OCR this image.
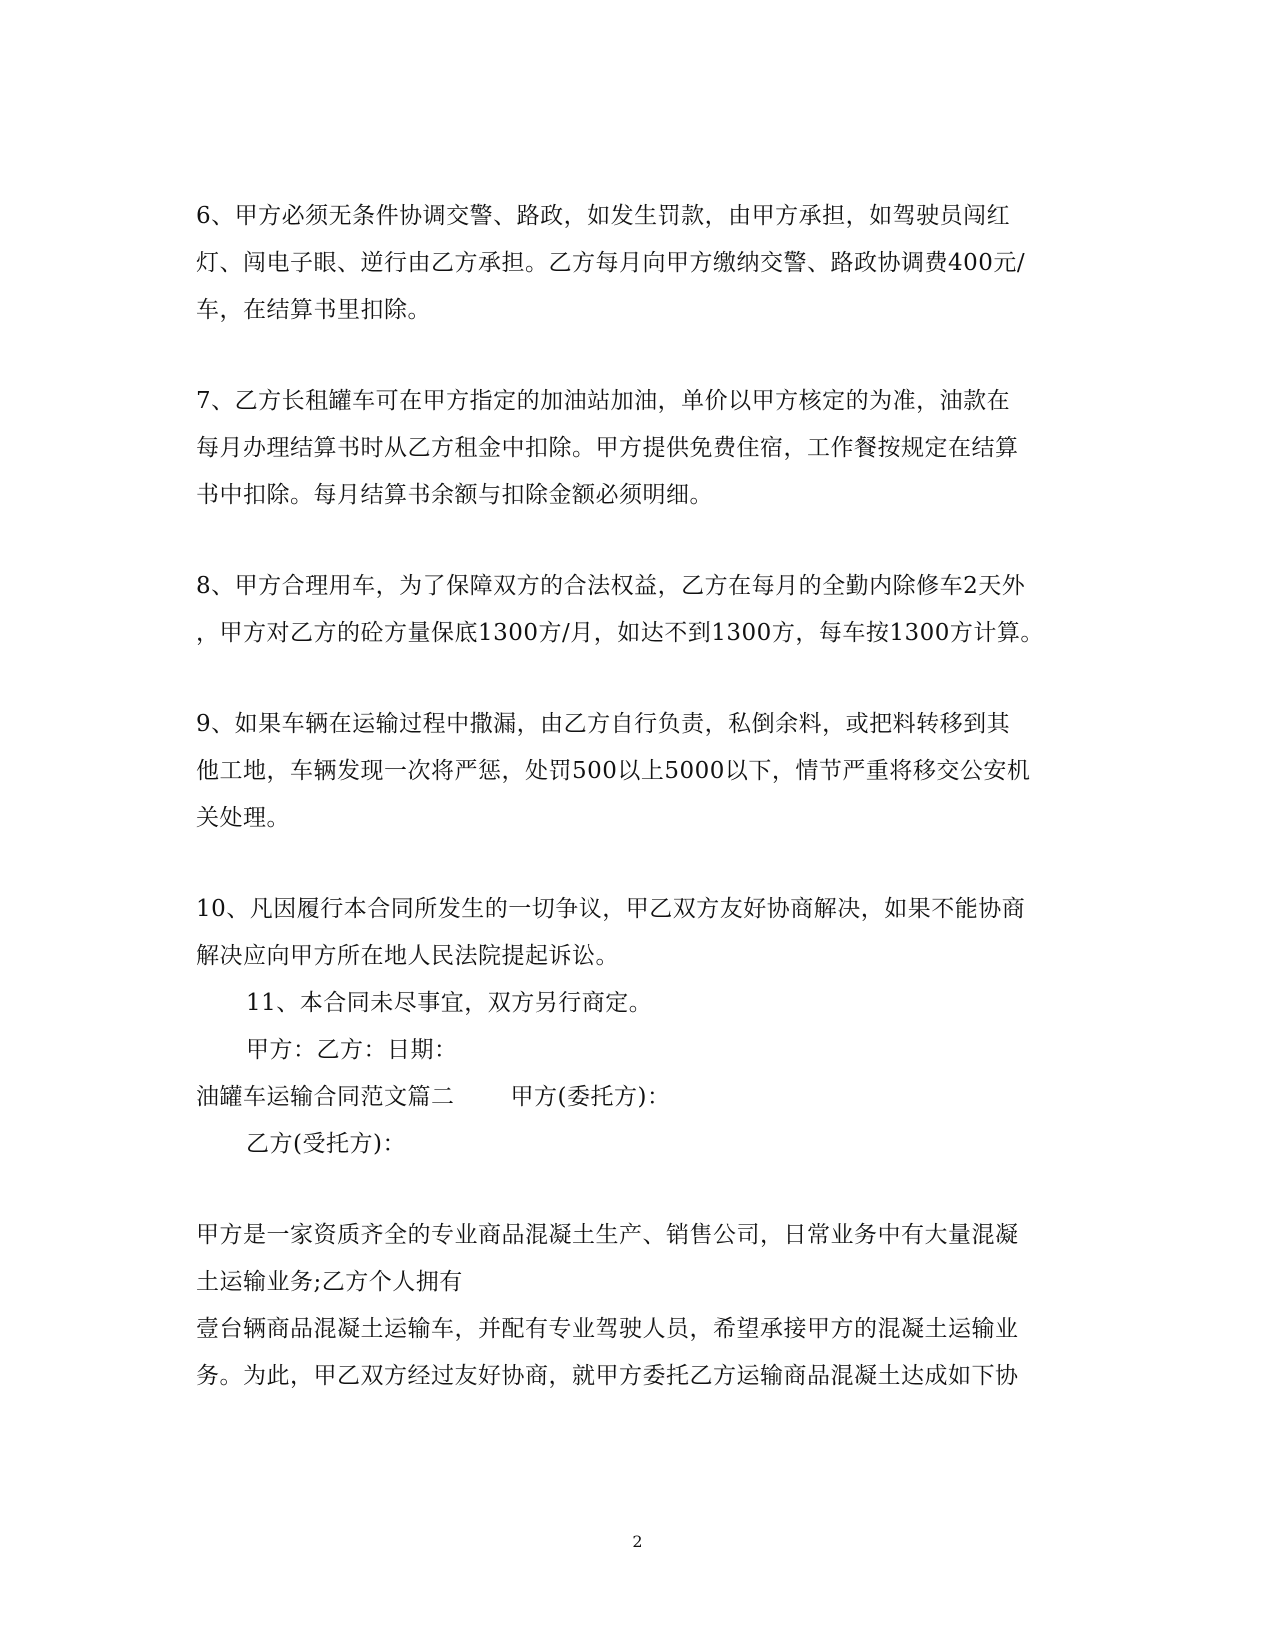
6、甲方必须无条件协调交警、路政，如发生罚款，由甲方承担，如驾驶员闯红
灯、闯电子眼、逆行由乙方承担。乙方每月向甲方缴纳交警、路政协调费400元/
车，在结算书里扣除。
7、乙方长租罐车可在甲方指定的加油站加油，单价以甲方核定的为准，油款在
每月办理结算书时从乙方租金中扣除。甲方提供免费住宿，工作餐按规定在结算
书中扣除。每月结算书余额与扣除金额必须明细。
8、甲方合理用车，为了保障双方的合法权益，乙方在每月的全勤内除修车2天外
，甲方对乙方的砼方量保底1300方/月，如达不到1300方，每车按1300方计算。
9、如果车辆在运输过程中撒漏，由乙方自行负责，私倒余料，或把料转移到其
他工地，车辆发现一次将严惩，处罚500以上5000以下，情节严重将移交公安机
关处理。
10、凡因履行本合同所发生的一切争议，甲乙双方友好协商解决，如果不能协商
解决应向甲方所在地人民法院提起诉讼。
11、本合同未尽事宜，双方另行商定。
甲方：乙方：日期：
油罐车运输合同范文篇二 甲方(委托方)：
乙方(受托方)：
甲方是一家资质齐全的专业商品混凝土生产、销售公司，日常业务中有大量混凝
土运输业务;乙方个人拥有
壹台辆商品混凝土运输车，并配有专业驾驶人员，希望承接甲方的混凝土运输业
务。为此，甲乙双方经过友好协商，就甲方委托乙方运输商品混凝土达成如下协
2
